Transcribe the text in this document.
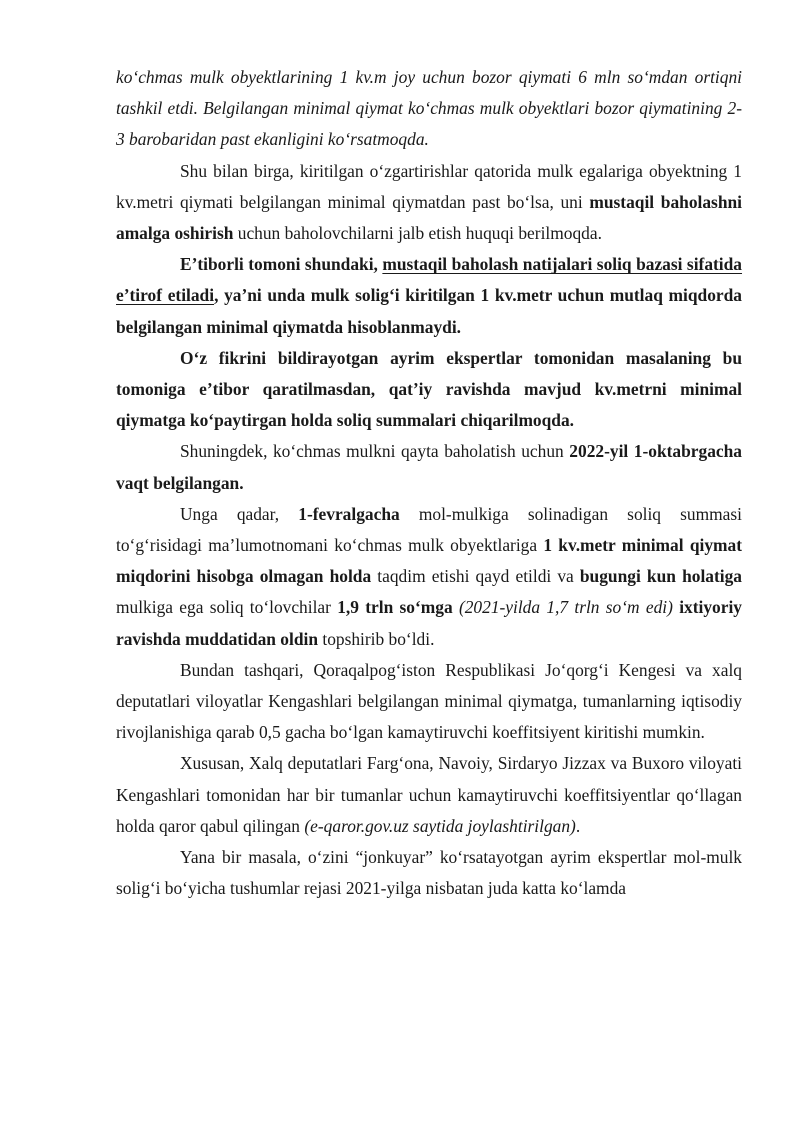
ko‘chmas mulk obyektlarining 1 kv.m joy uchun bozor qiymati 6 mln so‘mdan ortiqni tashkil etdi. Belgilangan minimal qiymat ko‘chmas mulk obyektlari bozor qiymatining 2-3 barobaridan past ekanligini ko‘rsatmoqda.

Shu bilan birga, kiritilgan o‘zgartirishlar qatorida mulk egalariga obyektning 1 kv.metri qiymati belgilangan minimal qiymatdan past bo‘lsa, uni mustaqil baholashni amalga oshirish uchun baholovchilarni jalb etish huquqi berilmoqda.

E’tiborli tomoni shundaki, mustaqil baholash natijalari soliq bazasi sifatida e’tirof etiladi, ya’ni unda mulk solig‘i kiritilgan 1 kv.metr uchun mutlaq miqdorda belgilangan minimal qiymatda hisoblanmaydi.

O‘z fikrini bildirayotgan ayrim ekspertlar tomonidan masalaning bu tomoniga e’tibor qaratilmasdan, qat’iy ravishda mavjud kv.metrni minimal qiymatga ko‘paytirgan holda soliq summalari chiqarilmoqda.

Shuningdek, ko‘chmas mulkni qayta baholatish uchun 2022-yil 1-oktabrgacha vaqt belgilangan.

Unga qadar, 1-fevralgacha mol-mulkiga solinadigan soliq summasi to‘g‘risidagi ma’lumotnomani ko‘chmas mulk obyektlariga 1 kv.metr minimal qiymat miqdorini hisobga olmagan holda taqdim etishi qayd etildi va bugungi kun holatiga mulkiga ega soliq to‘lovchilar 1,9 trln so‘mga (2021-yilda 1,7 trln so‘m edi) ixtiyoriy ravishda muddatidan oldin topshirib bo‘ldi.

Bundan tashqari, Qoraqalpog‘iston Respublikasi Jo‘qorg‘i Kengesi va xalq deputatlari viloyatlar Kengashlari belgilangan minimal qiymatga, tumanlarning iqtisodiy rivojlanishiga qarab 0,5 gacha bo‘lgan kamaytiruvchi koeffitsiyent kiritishi mumkin.

Xususan, Xalq deputatlari Farg‘ona, Navoiy, Sirdaryo Jizzax va Buxoro viloyati Kengashlari tomonidan har bir tumanlar uchun kamaytiruvchi koeffitsiyentlar qo‘llagan holda qaror qabul qilingan (e-qaror.gov.uz saytida joylashtirilgan).

Yana bir masala, o‘zini “jonkuyar” ko‘rsatayotgan ayrim ekspertlar mol-mulk solig‘i bo‘yicha tushumlar rejasi 2021-yilga nisbatan juda katta ko‘lamda
